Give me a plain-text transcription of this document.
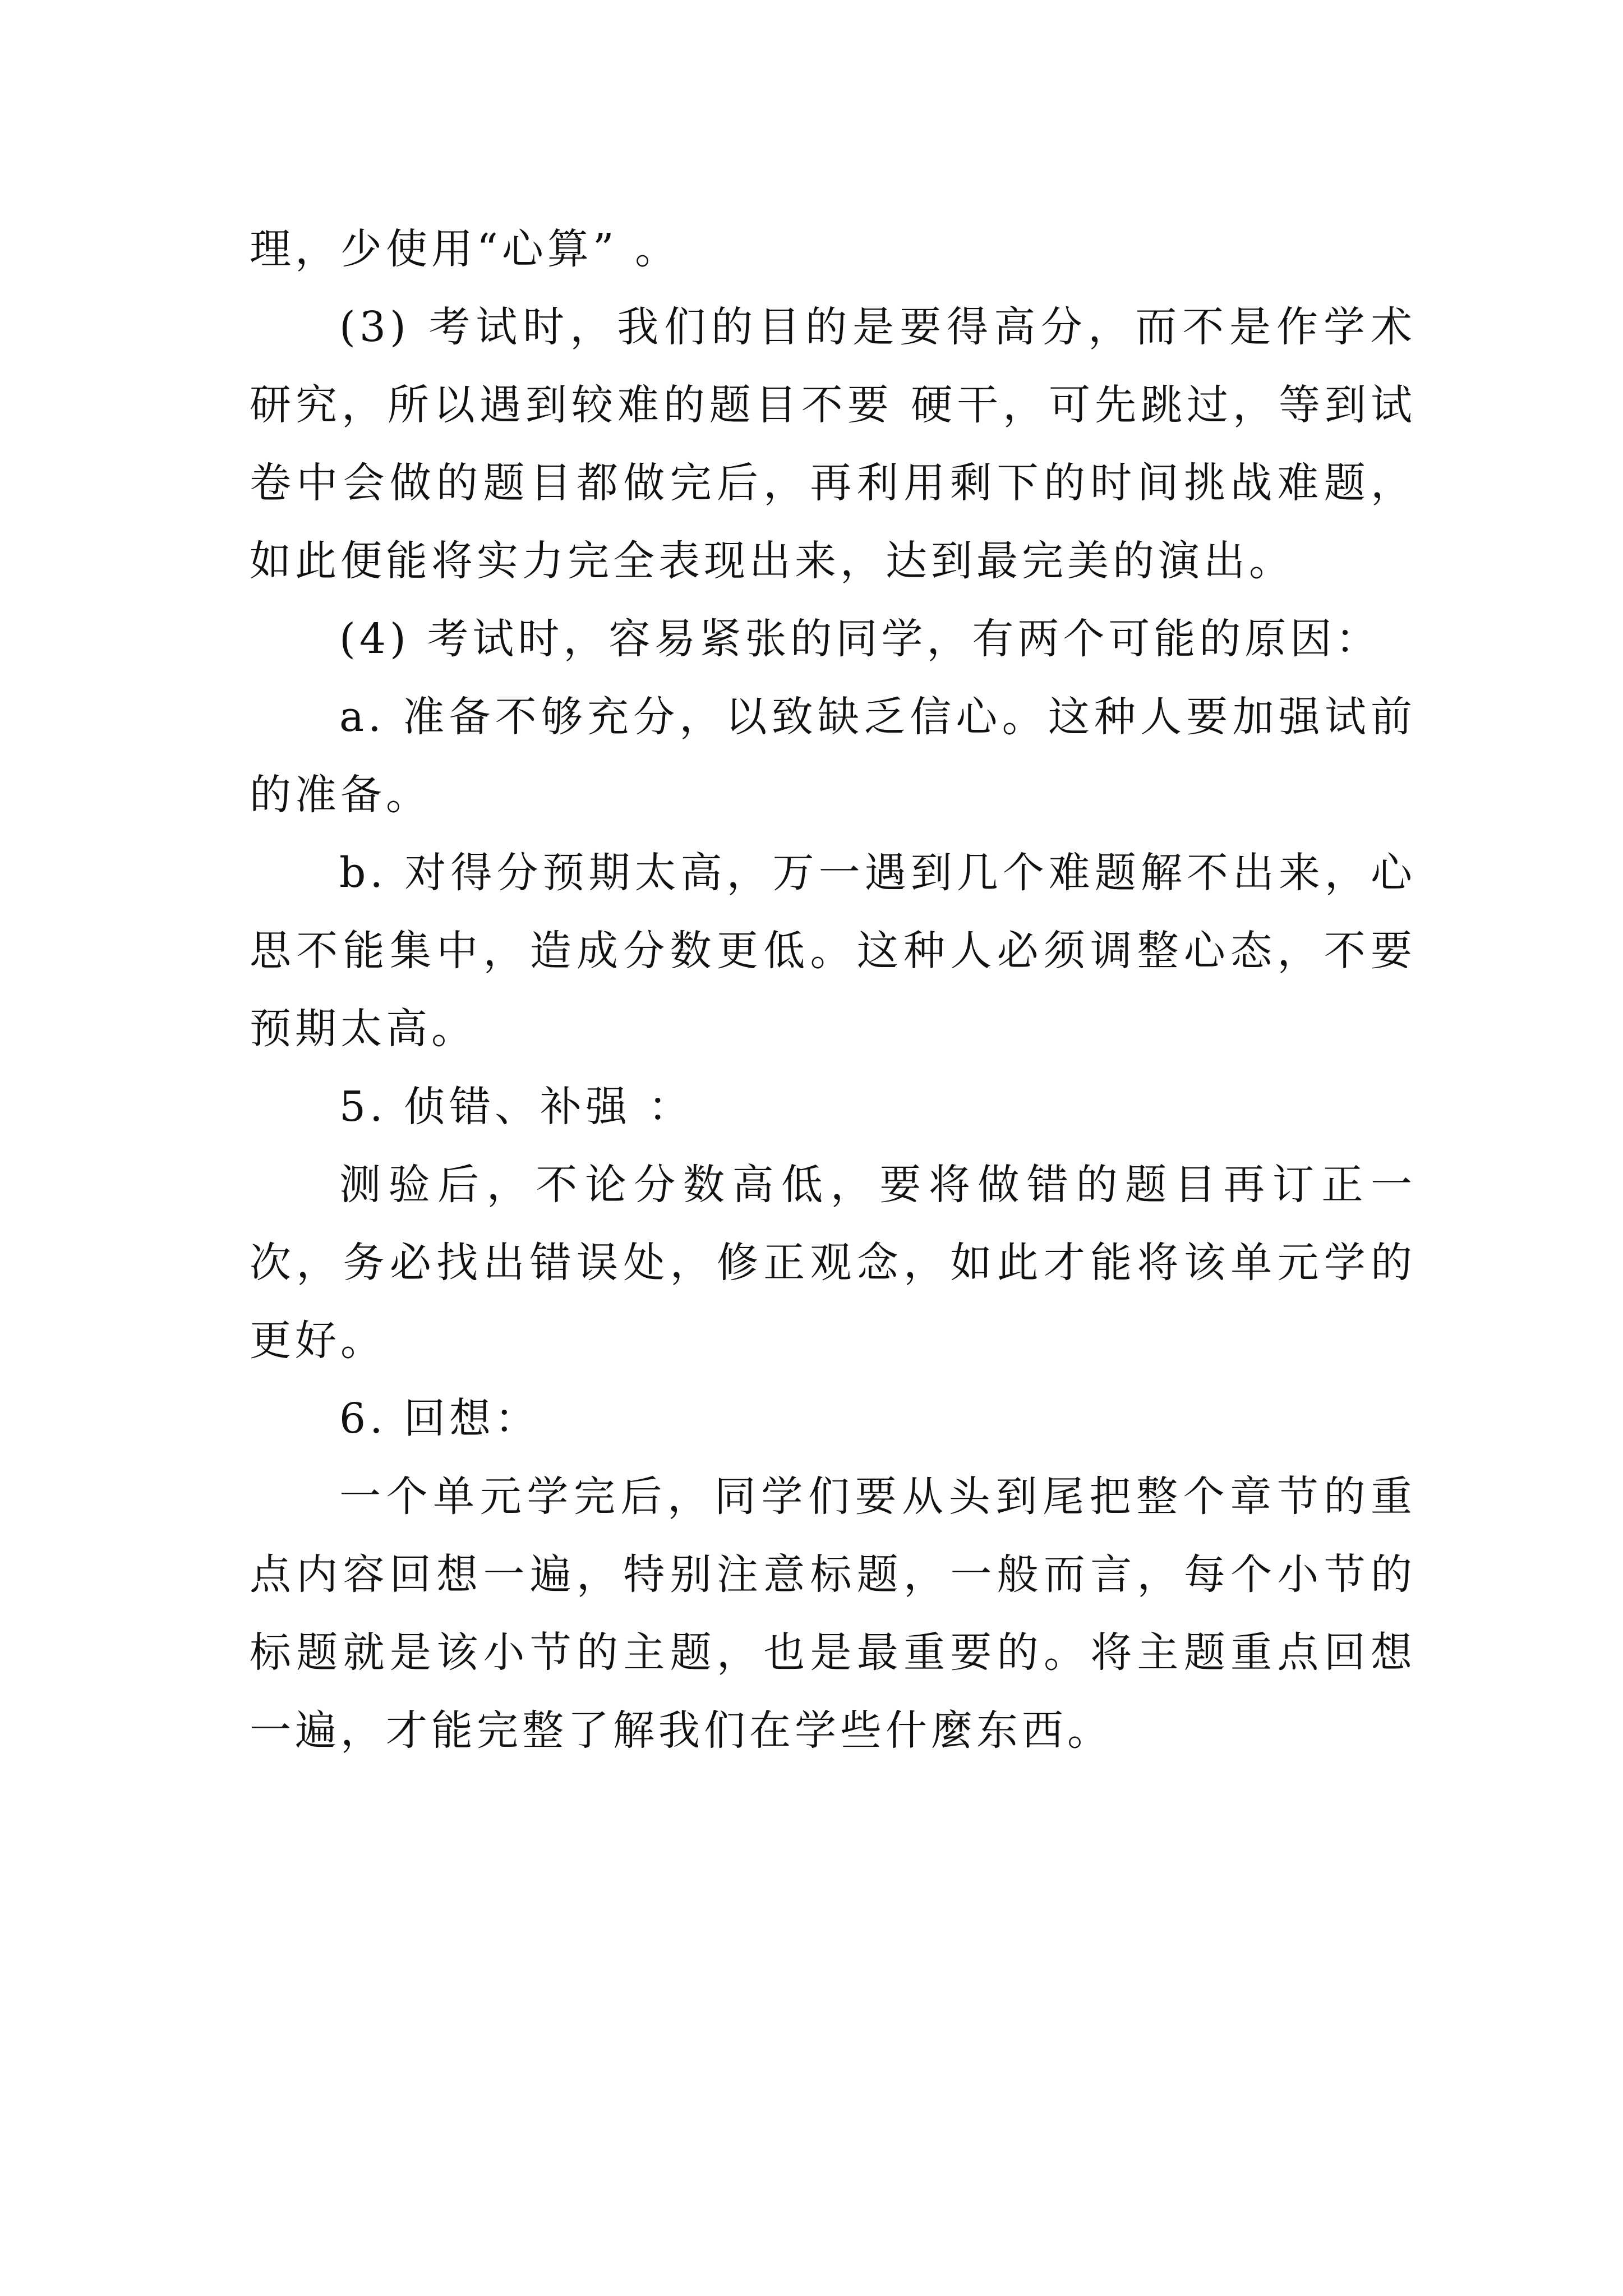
理，少使用“心算” 。

(3) 考试时，我们的目的是要得高分，而不是作学术研究，所以遇到较难的题目不要 硬干，可先跳过，等到试卷中会做的题目都做完后，再利用剩下的时间挑战难题，如此便能将实力完全表现出来，达到最完美的演出。

(4) 考试时，容易紧张的同学，有两个可能的原因：

a. 准备不够充分，以致缺乏信心。这种人要加强试前的准备。

b. 对得分预期太高，万一遇到几个难题解不出来，心思不能集中，造成分数更低。这种人必须调整心态，不要预期太高。

5. 侦错、补强 ：

测验后，不论分数高低，要将做错的题目再订正一次，务必找出错误处，修正观念，如此才能将该单元学的更好。

6. 回想：

一个单元学完后，同学们要从头到尾把整个章节的重点内容回想一遍，特别注意标题，一般而言，每个小节的标题就是该小节的主题，也是最重要的。将主题重点回想一遍，才能完整了解我们在学些什麼东西。
